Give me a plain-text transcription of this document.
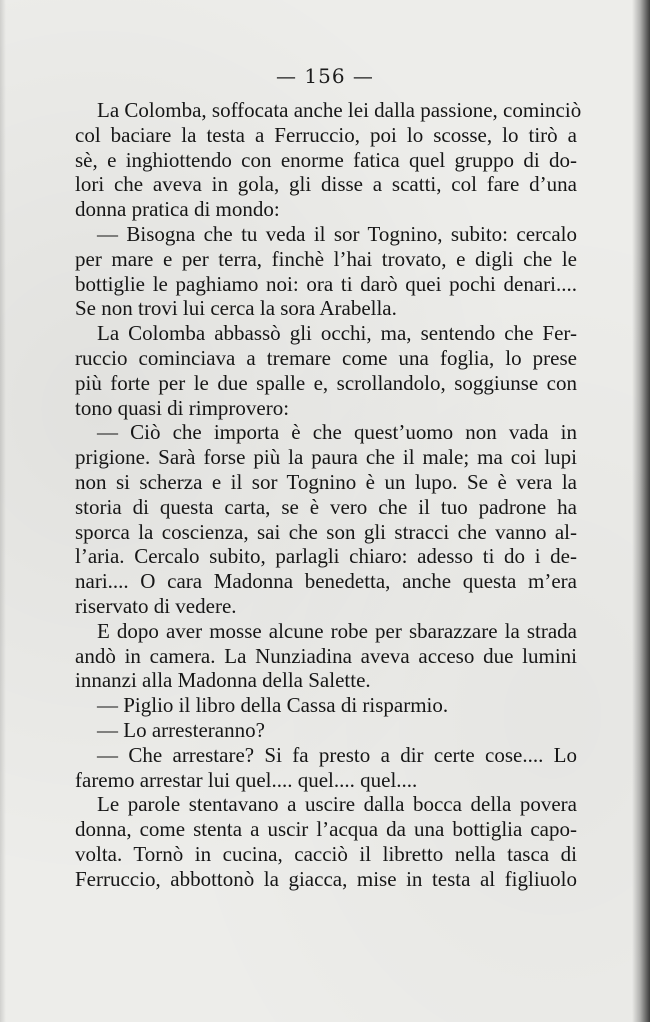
— 156 —
La Colomba, soffocata anche lei dalla passione, cominciò
col baciare la testa a Ferruccio, poi lo scosse, lo tirò a
sè, e inghiottendo con enorme fatica quel gruppo di do-
lori che aveva in gola, gli disse a scatti, col fare d’una
donna pratica di mondo:
— Bisogna che tu veda il sor Tognino, subito: cercalo
per mare e per terra, finchè l’hai trovato, e digli che le
bottiglie le paghiamo noi: ora ti darò quei pochi denari....
Se non trovi lui cerca la sora Arabella.
La Colomba abbassò gli occhi, ma, sentendo che Fer-
ruccio cominciava a tremare come una foglia, lo prese
più forte per le due spalle e, scrollandolo, soggiunse con
tono quasi di rimprovero:
— Ciò che importa è che quest’uomo non vada in
prigione. Sarà forse più la paura che il male; ma coi lupi
non si scherza e il sor Tognino è un lupo. Se è vera la
storia di questa carta, se è vero che il tuo padrone ha
sporca la coscienza, sai che son gli stracci che vanno al-
l’aria. Cercalo subito, parlagli chiaro: adesso ti do i de-
nari.... O cara Madonna benedetta, anche questa m’era
riservato di vedere.
E dopo aver mosse alcune robe per sbarazzare la strada
andò in camera. La Nunziadina aveva acceso due lumini
innanzi alla Madonna della Salette.
— Piglio il libro della Cassa di risparmio.
— Lo arresteranno?
— Che arrestare? Si fa presto a dir certe cose.... Lo
faremo arrestar lui quel.... quel.... quel....
Le parole stentavano a uscire dalla bocca della povera
donna, come stenta a uscir l’acqua da una bottiglia capo-
volta. Tornò in cucina, cacciò il libretto nella tasca di
Ferruccio, abbottonò la giacca, mise in testa al figliuolo
